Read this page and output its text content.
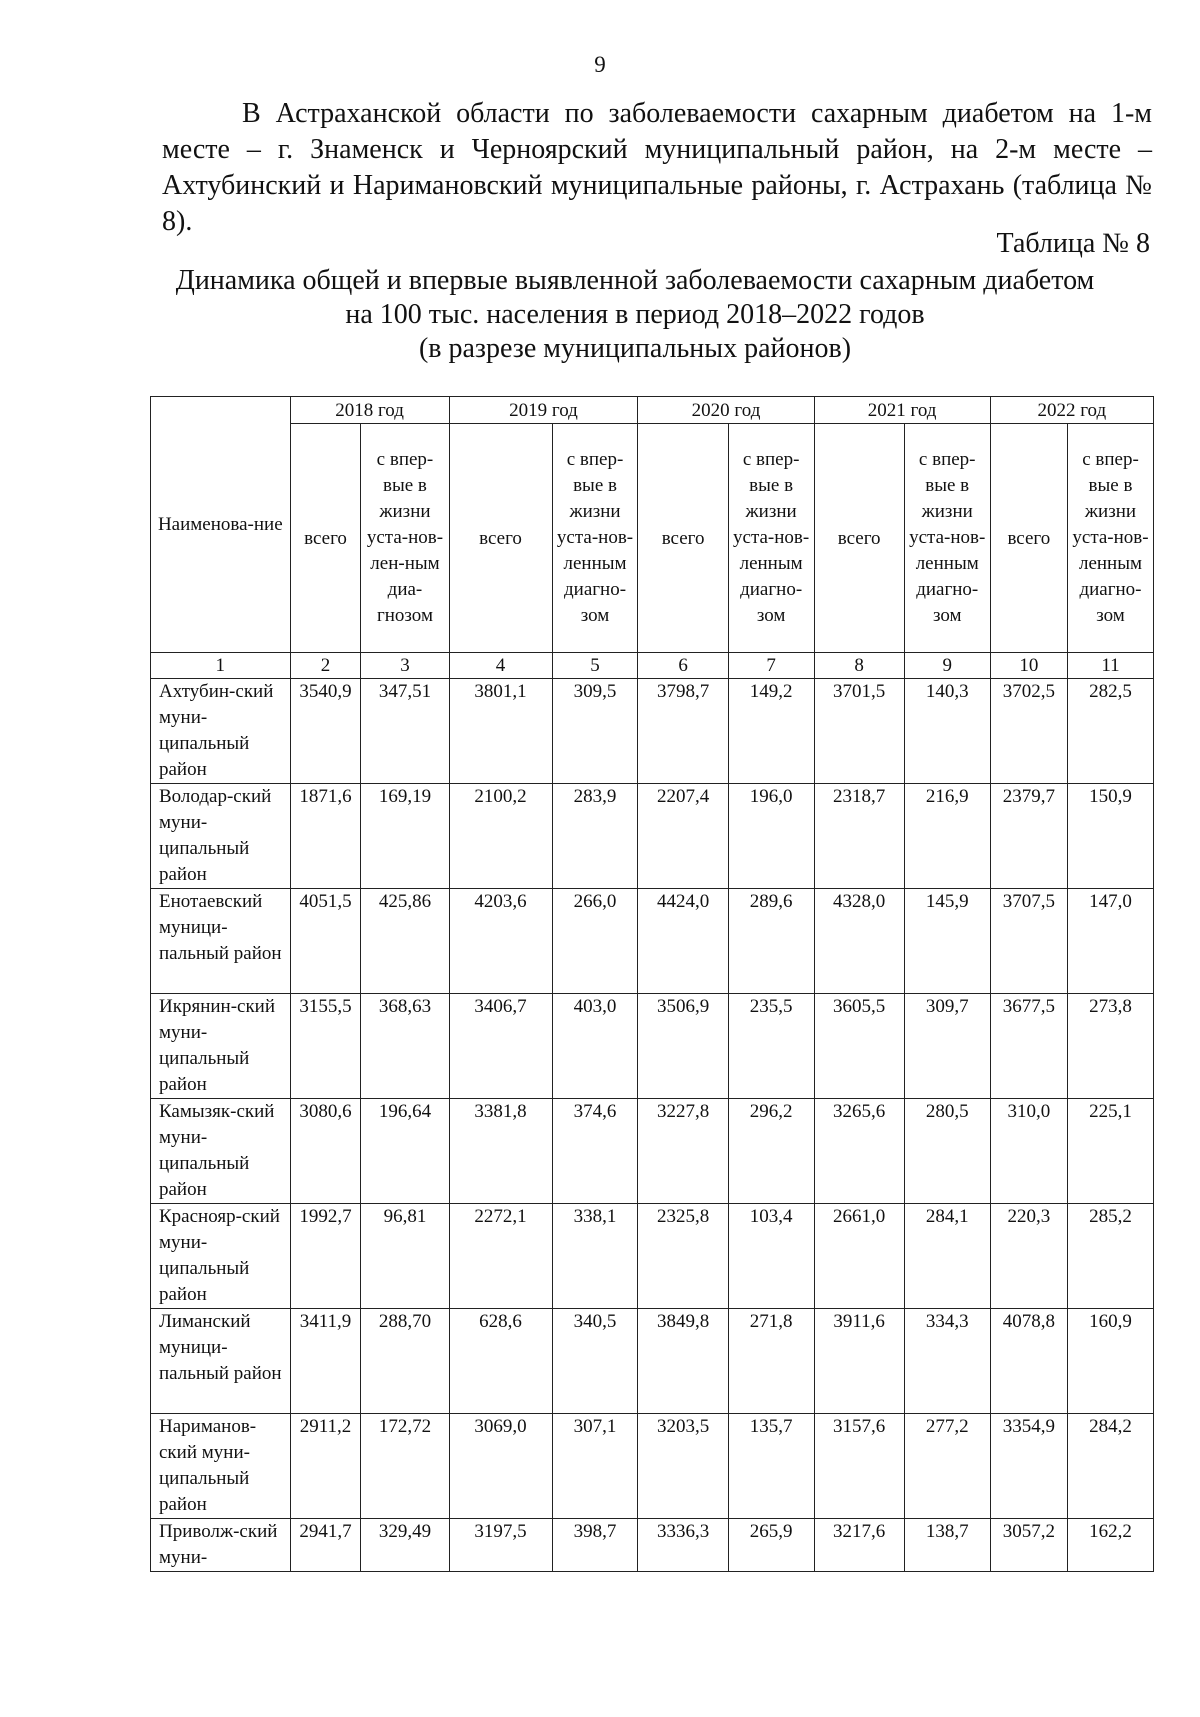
9

В Астраханской области по заболеваемости сахарным диабетом на 1-м месте – г. Знаменск и Черноярский муниципальный район, на 2-м месте – Ахтубинский и Наримановский муниципальные районы, г. Астрахань (таблица № 8).

Таблица № 8
Динамика общей и впервые выявленной заболеваемости сахарным диабетом
на 100 тыс. населения в период 2018–2022 годов
(в разрезе муниципальных районов)
Наименова-ние	2018 год		2019 год		2020 год		2021 год		2022 год	
	всего	с впер-вые в жизни уста-нов-лен-ным диа-гнозом	всего	с впер-вые в жизни уста-нов-ленным диагно-зом	всего	с впер-вые в жизни уста-нов-ленным диагно-зом	всего	с впер-вые в жизни уста-нов-ленным диагно-зом	всего	с впер-вые в жизни уста-нов-ленным диагно-зом
1	2	3	4	5	6	7	8	9	10	11
Ахтубин-ский муни-ципальный район	3540,9	347,51	3801,1	309,5	3798,7	149,2	3701,5	140,3	3702,5	282,5
Володар-ский муни-ципальный район	1871,6	169,19	2100,2	283,9	2207,4	196,0	2318,7	216,9	2379,7	150,9
Енотаевский муници-пальный район	4051,5	425,86	4203,6	266,0	4424,0	289,6	4328,0	145,9	3707,5	147,0
Икрянин-ский муни-ципальный район	3155,5	368,63	3406,7	403,0	3506,9	235,5	3605,5	309,7	3677,5	273,8
Камызяк-ский муни-ципальный район	3080,6	196,64	3381,8	374,6	3227,8	296,2	3265,6	280,5	310,0	225,1
Краснояр-ский муни-ципальный район	1992,7	96,81	2272,1	338,1	2325,8	103,4	2661,0	284,1	220,3	285,2
Лиманский муници-пальный район	3411,9	288,70	628,6	340,5	3849,8	271,8	3911,6	334,3	4078,8	160,9
Нариманов-ский муни-ципальный район	2911,2	172,72	3069,0	307,1	3203,5	135,7	3157,6	277,2	3354,9	284,2
Приволж-ский муни-	2941,7	329,49	3197,5	398,7	3336,3	265,9	3217,6	138,7	3057,2	162,2
